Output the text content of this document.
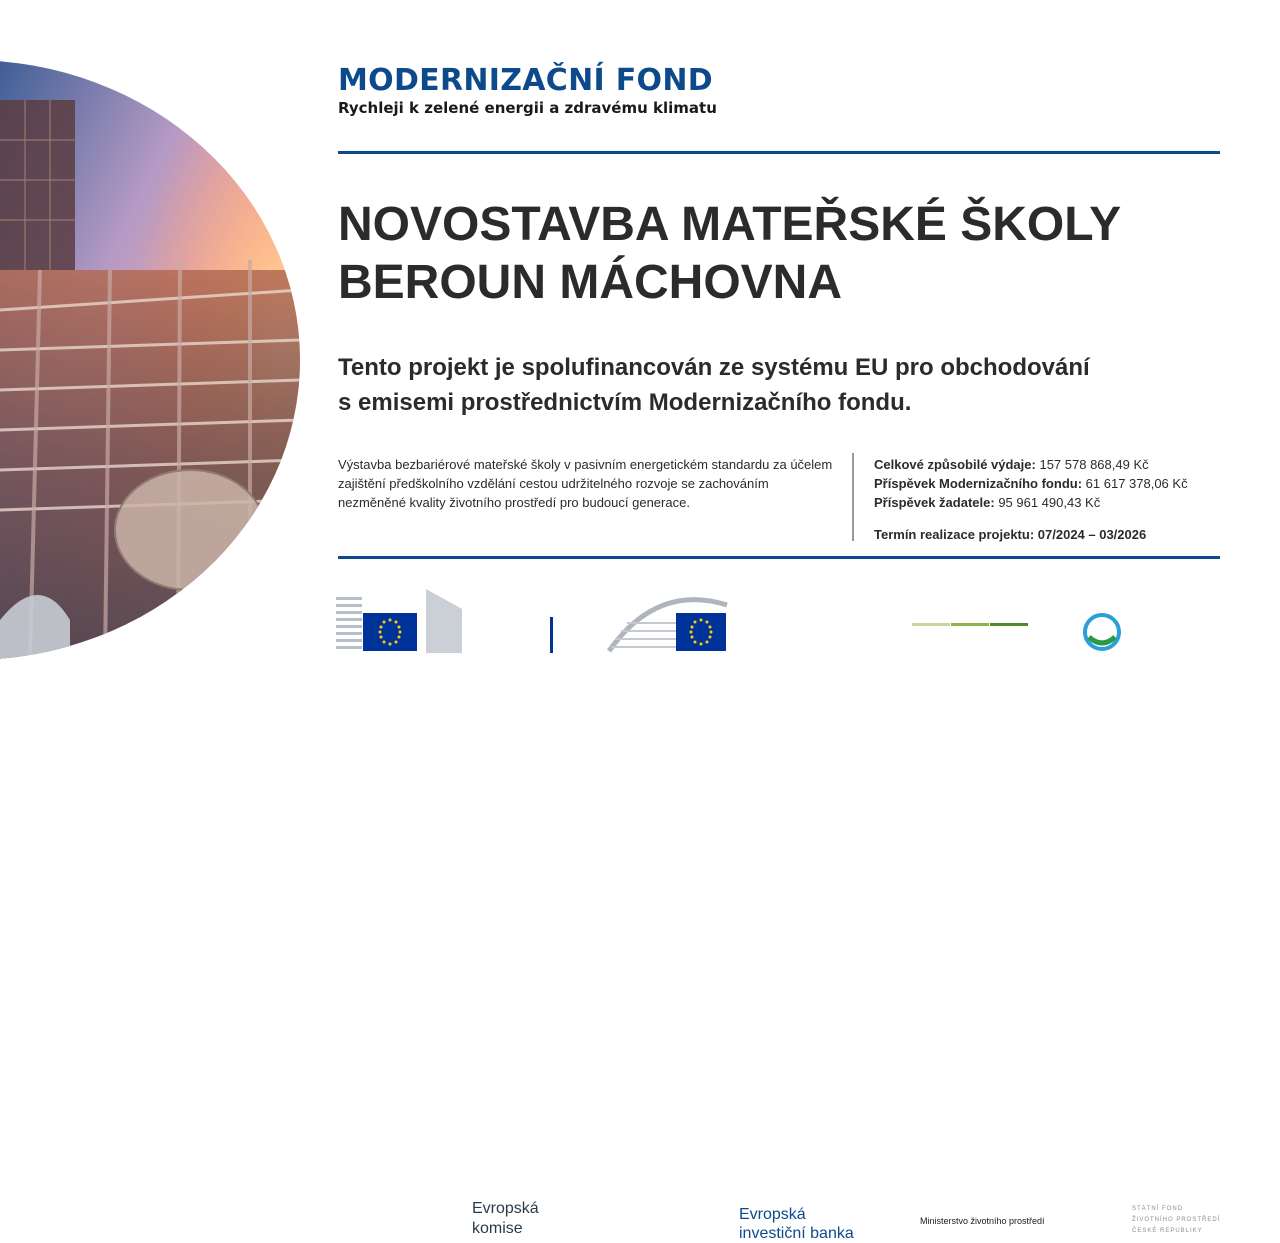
MODERNIZAČNÍ FOND
Rychleji k zelené energii a zdravému klimatu
NOVOSTAVBA MATEŘSKÉ ŠKOLY
BEROUN MÁCHOVNA
Tento projekt je spolufinancován ze systému EU pro obchodování
s emisemi prostřednictvím Modernizačního fondu.
Výstavba bezbariérové mateřské školy v pasivním energetickém standardu za účelem zajištění předškolního vzdělání cestou udržitelného rozvoje se zachováním nezměněné kvality životního prostředí pro budoucí generace.
Celkové způsobilé výdaje: 157 578 868,49 Kč
Příspěvek Modernizačního fondu: 61 617 378,06 Kč
Příspěvek žadatele: 95 961 490,43 Kč
Termín realizace projektu: 07/2024 – 03/2026
Evropská
komise
Evropská
investiční banka
Ministerstvo životního prostředí
STÁTNÍ FOND
ŽIVOTNÍHO PROSTŘEDÍ
ČESKÉ REPUBLIKY
